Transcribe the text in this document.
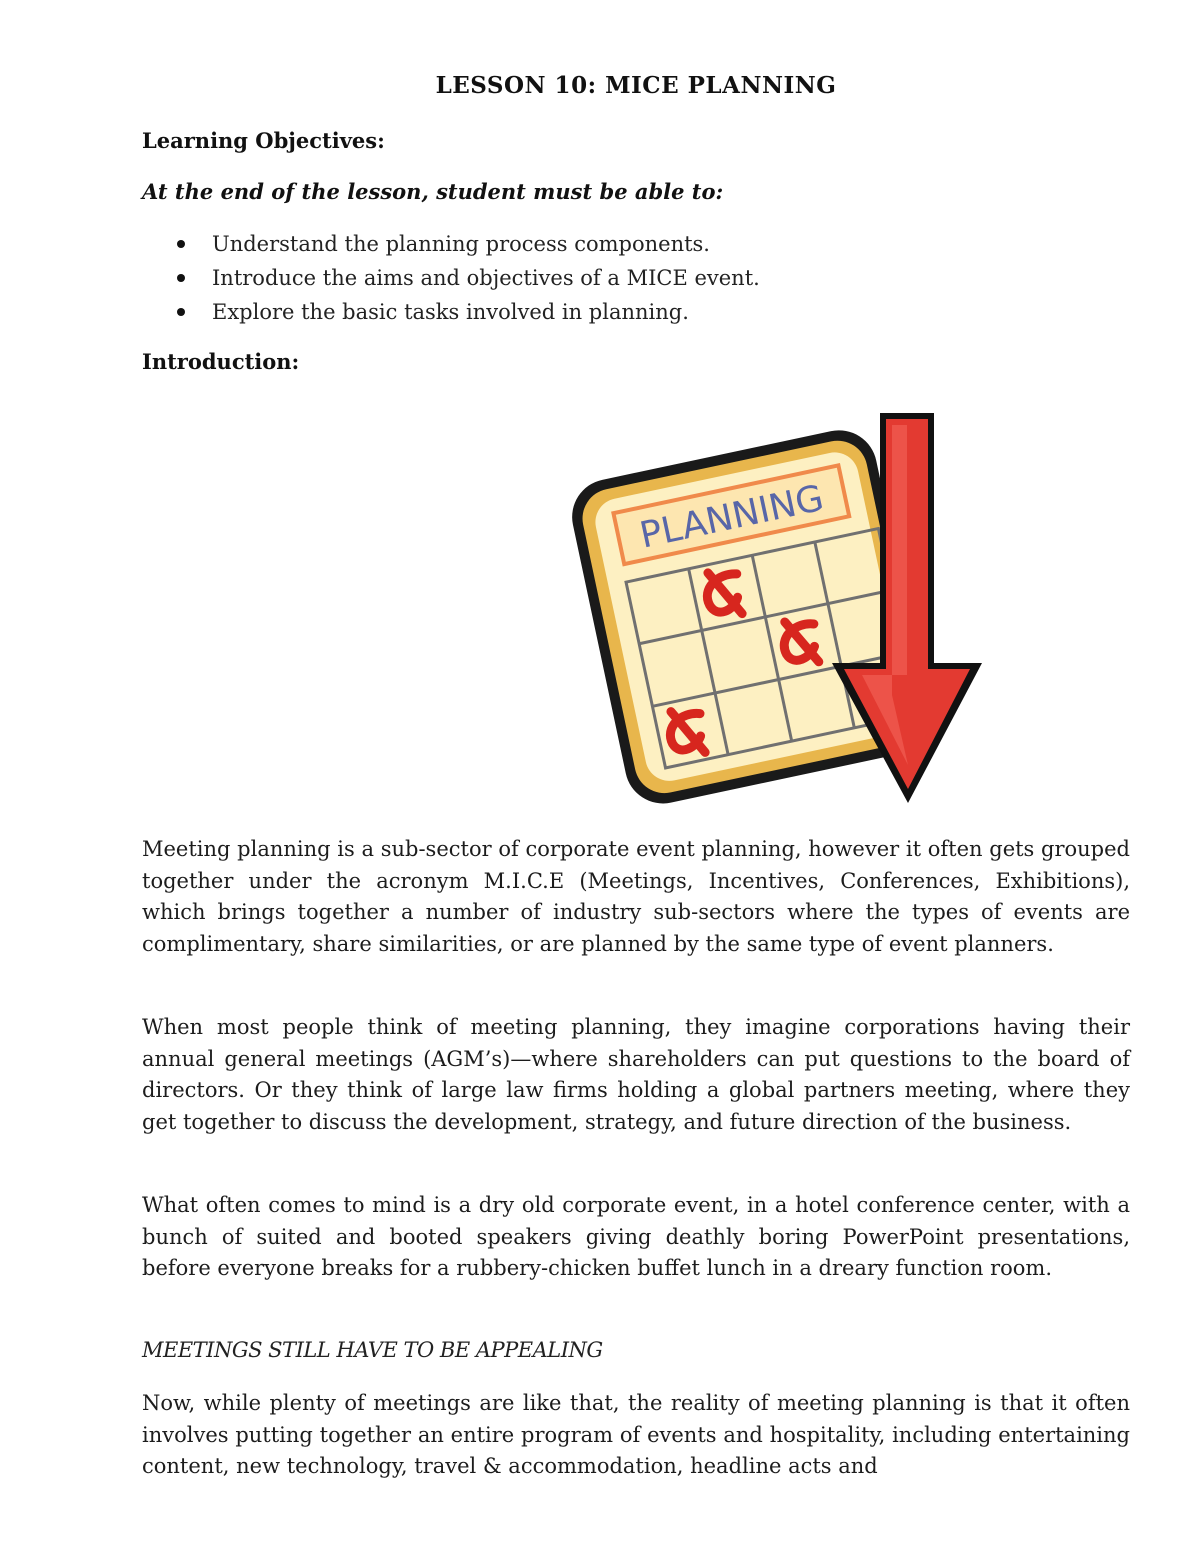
LESSON 10: MICE PLANNING
Learning Objectives:

At the end of the lesson, student must be able to:

Understand the planning process components.
Introduce the aims and objectives of a MICE event.
Explore the basic tasks involved in planning.
Introduction:
PLANNING

Meeting planning is a sub-sector of corporate event planning, however it often gets grouped together under the acronym M.I.C.E (Meetings, Incentives, Conferences, Exhibitions), which brings together a number of industry sub-sectors where the types of events are complimentary, share similarities, or are planned by the same type of event planners.

When most people think of meeting planning, they imagine corporations having their annual general meetings (AGM’s)—where shareholders can put questions to the board of directors. Or they think of large law firms holding a global partners meeting, where they get together to discuss the development, strategy, and future direction of the business.

What often comes to mind is a dry old corporate event, in a hotel conference center, with a bunch of suited and booted speakers giving deathly boring PowerPoint presentations, before everyone breaks for a rubbery-chicken buffet lunch in a dreary function room.

MEETINGS STILL HAVE TO BE APPEALING

Now, while plenty of meetings are like that, the reality of meeting planning is that it often involves putting together an entire program of events and hospitality, including entertaining content, new technology, travel & accommodation, headline acts and
